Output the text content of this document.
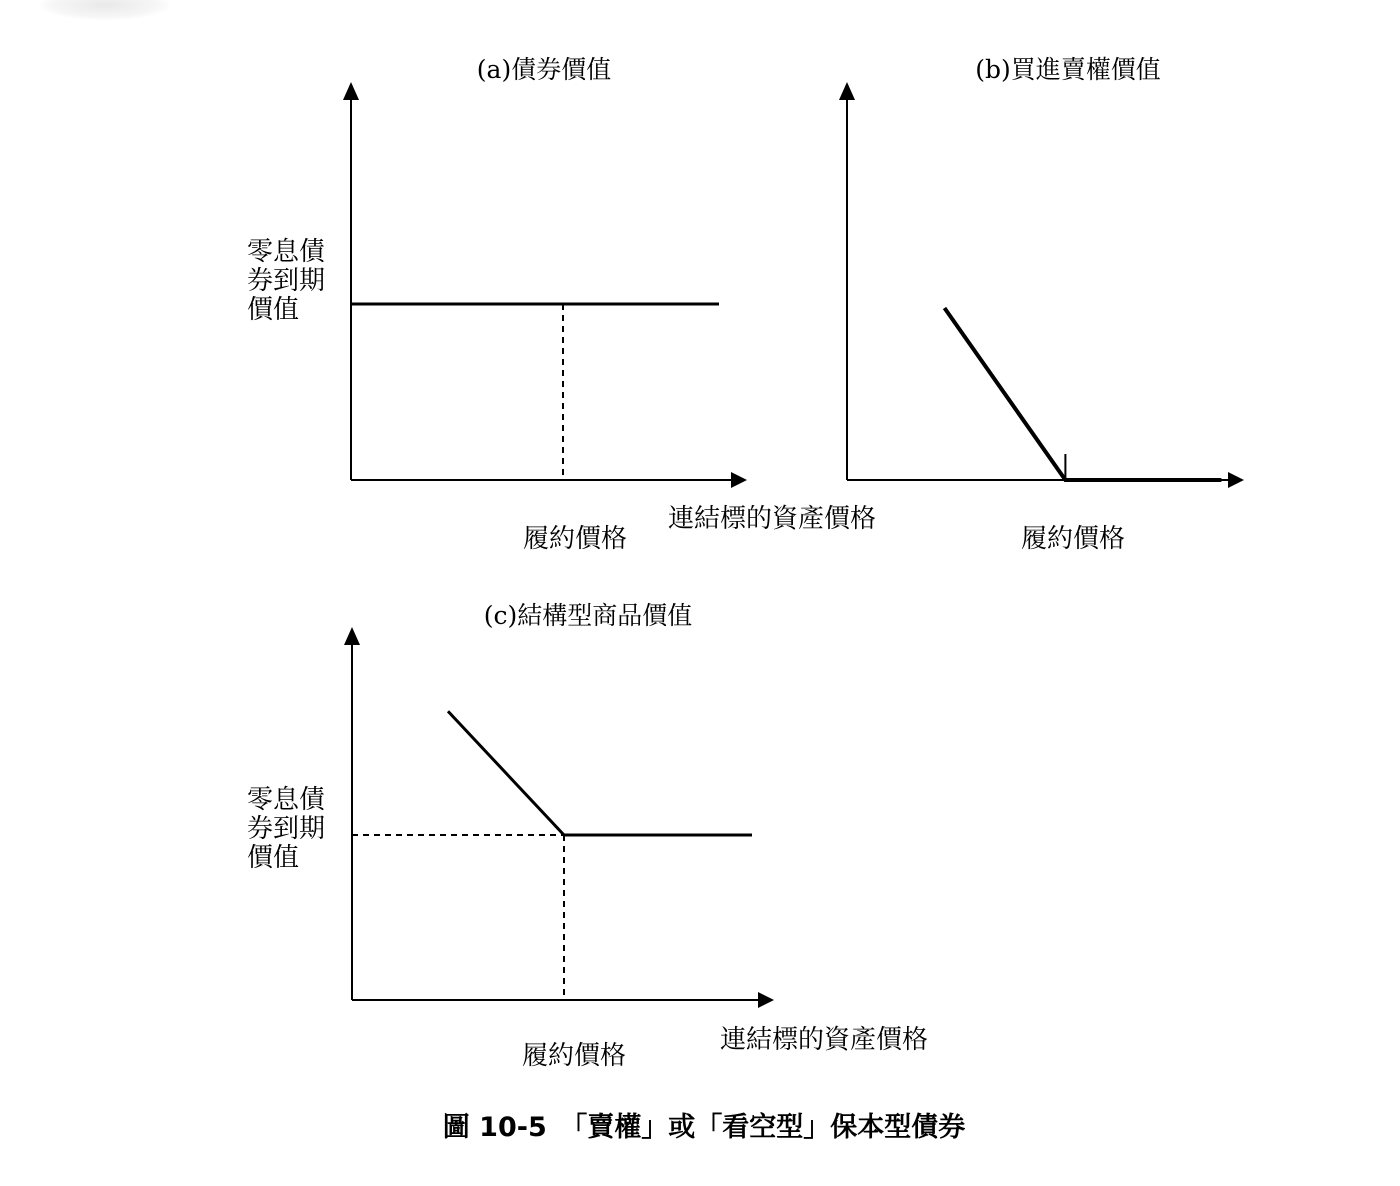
(a)債券價值
履約價格
連結標的資產價格
零息債
券到期
價值
(b)買進賣權價值
履約價格
(c)結構型商品價值
履約價格
連結標的資產價格
零息債
券到期
價值
圖 10-5　「賣權」或「看空型」保本型債券
